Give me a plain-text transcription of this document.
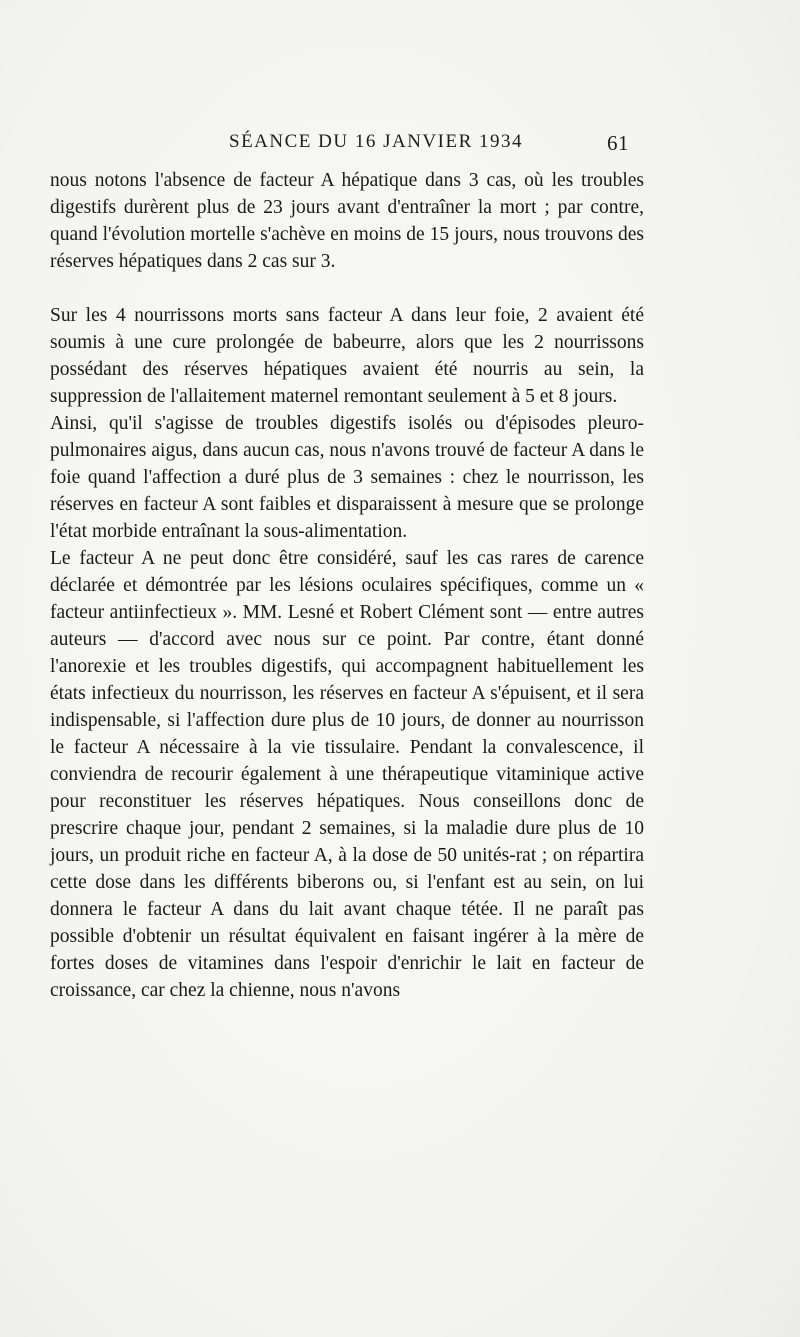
SÉANCE DU 16 JANVIER 1934	61

nous notons l'absence de facteur A hépatique dans 3 cas, où les troubles digestifs durèrent plus de 23 jours avant d'entraîner la mort ; par contre, quand l'évolution mortelle s'achève en moins de 15 jours, nous trouvons des réserves hépatiques dans 2 cas sur 3.

Sur les 4 nourrissons morts sans facteur A dans leur foie, 2 avaient été soumis à une cure prolongée de babeurre, alors que les 2 nourrissons possédant des réserves hépatiques avaient été nourris au sein, la suppression de l'allaitement maternel remontant seulement à 5 et 8 jours.

Ainsi, qu'il s'agisse de troubles digestifs isolés ou d'épisodes pleuro-pulmonaires aigus, dans aucun cas, nous n'avons trouvé de facteur A dans le foie quand l'affection a duré plus de 3 semaines : chez le nourrisson, les réserves en facteur A sont faibles et disparaissent à mesure que se prolonge l'état morbide entraînant la sous-alimentation.

Le facteur A ne peut donc être considéré, sauf les cas rares de carence déclarée et démontrée par les lésions oculaires spécifiques, comme un « facteur antiinfectieux ». MM. Lesné et Robert Clément sont — entre autres auteurs — d'accord avec nous sur ce point. Par contre, étant donné l'anorexie et les troubles digestifs, qui accompagnent habituellement les états infectieux du nourrisson, les réserves en facteur A s'épuisent, et il sera indispensable, si l'affection dure plus de 10 jours, de donner au nourrisson le facteur A nécessaire à la vie tissulaire. Pendant la convalescence, il conviendra de recourir également à une thérapeutique vitaminique active pour reconstituer les réserves hépatiques. Nous conseillons donc de prescrire chaque jour, pendant 2 semaines, si la maladie dure plus de 10 jours, un produit riche en facteur A, à la dose de 50 unités-rat ; on répartira cette dose dans les différents biberons ou, si l'enfant est au sein, on lui donnera le facteur A dans du lait avant chaque tétée. Il ne paraît pas possible d'obtenir un résultat équivalent en faisant ingérer à la mère de fortes doses de vitamines dans l'espoir d'enrichir le lait en facteur de croissance, car chez la chienne, nous n'avons
